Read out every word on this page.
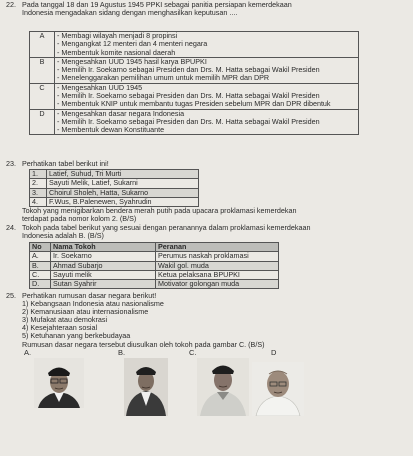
22. Pada tanggal 18 dan 19 Agustus 1945 PPKI sebagai panitia persiapan kemerdekaan
Indonesia mengadakan sidang dengan menghasilkan keputusan ....
A	- Membagi wilayah menjadi 8 propinsi
- Mengangkat 12 menteri dan 4 menteri negara
- Membentuk komite nasional daerah

B	- Mengesahkan UUD 1945 hasil karya BPUPKI
- Memilih Ir. Soekarno sebagai Presiden dan Drs. M. Hatta sebagai Wakil Presiden
- Menelenggarakan pemilihan umum untuk memilih MPR dan DPR

C	- Mengesahkan UUD 1945
- Memilih Ir. Soekarno sebagai Presiden dan Drs. M. Hatta sebagai Wakil Presiden
- Membentuk KNIP untuk membantu tugas Presiden sebelum MPR dan DPR dibentuk

D	- Mengesahkan dasar negara Indonesia
- Memilih Ir. Soekarno sebagai Presiden dan Drs. M. Hatta sebagai Wakil Presiden
- Membentuk dewan Konstituante
23. Perhatikan tabel berikut ini!
1.	Latief, Suhud, Tri Murti
2.	Sayuti Melik, Latief, Sukarni
3.	Choirul Sholeh, Hatta, Sukarno
4.	F.Wus, B.Palenewen, Syahrudin
Tokoh yang menigibarkan bendera merah putih pada upacara proklamasi kemerdekan
terdapat pada nomor kolom 2. (B/S)
24. Tokoh pada tabel berikut yang sesuai dengan peranannya dalam proklamasi kemerdekaan
Indonesia adalah B. (B/S)
No	Nama Tokoh	Peranan
A.	Ir. Soekarno	Perumus naskah proklamasi
B.	Ahmad Subarjo	Wakil gol. muda
C.	Sayuti melik	Ketua pelaksana BPUPKI
D.	Sutan Syahrir	Motivator golongan muda
25. Perhatikan rumusan dasar negara berikut!
1) Kebangsaan Indonesia atau nasionalisme
2) Kemanusiaan atau internasionalisme
3) Mufakat atau demokrasi
4) Kesejahteraan sosial
5) Ketuhanan yang berkebudayaa
Rumusan dasar negara tersebut diusulkan oleh tokoh pada gambar C. (B/S)
A.	B.	C.	D
